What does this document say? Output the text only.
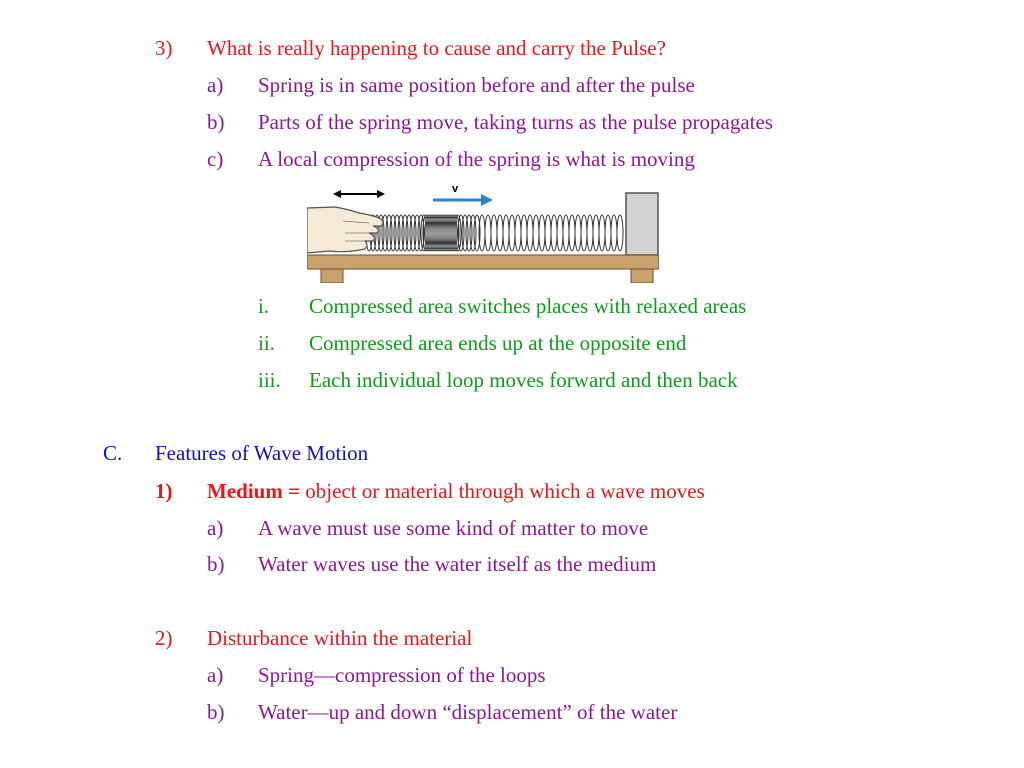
3) What is really happening to cause and carry the Pulse?
a) Spring is in same position before and after the pulse
b) Parts of the spring move, taking turns as the pulse propagates
c) A local compression of the spring is what is moving
v
i. Compressed area switches places with relaxed areas
ii. Compressed area ends up at the opposite end
iii. Each individual loop moves forward and then back
C. Features of Wave Motion
1) Medium = object or material through which a wave moves
a) A wave must use some kind of matter to move
b) Water waves use the water itself as the medium
2) Disturbance within the material
a) Spring—compression of the loops
b) Water—up and down “displacement” of the water
